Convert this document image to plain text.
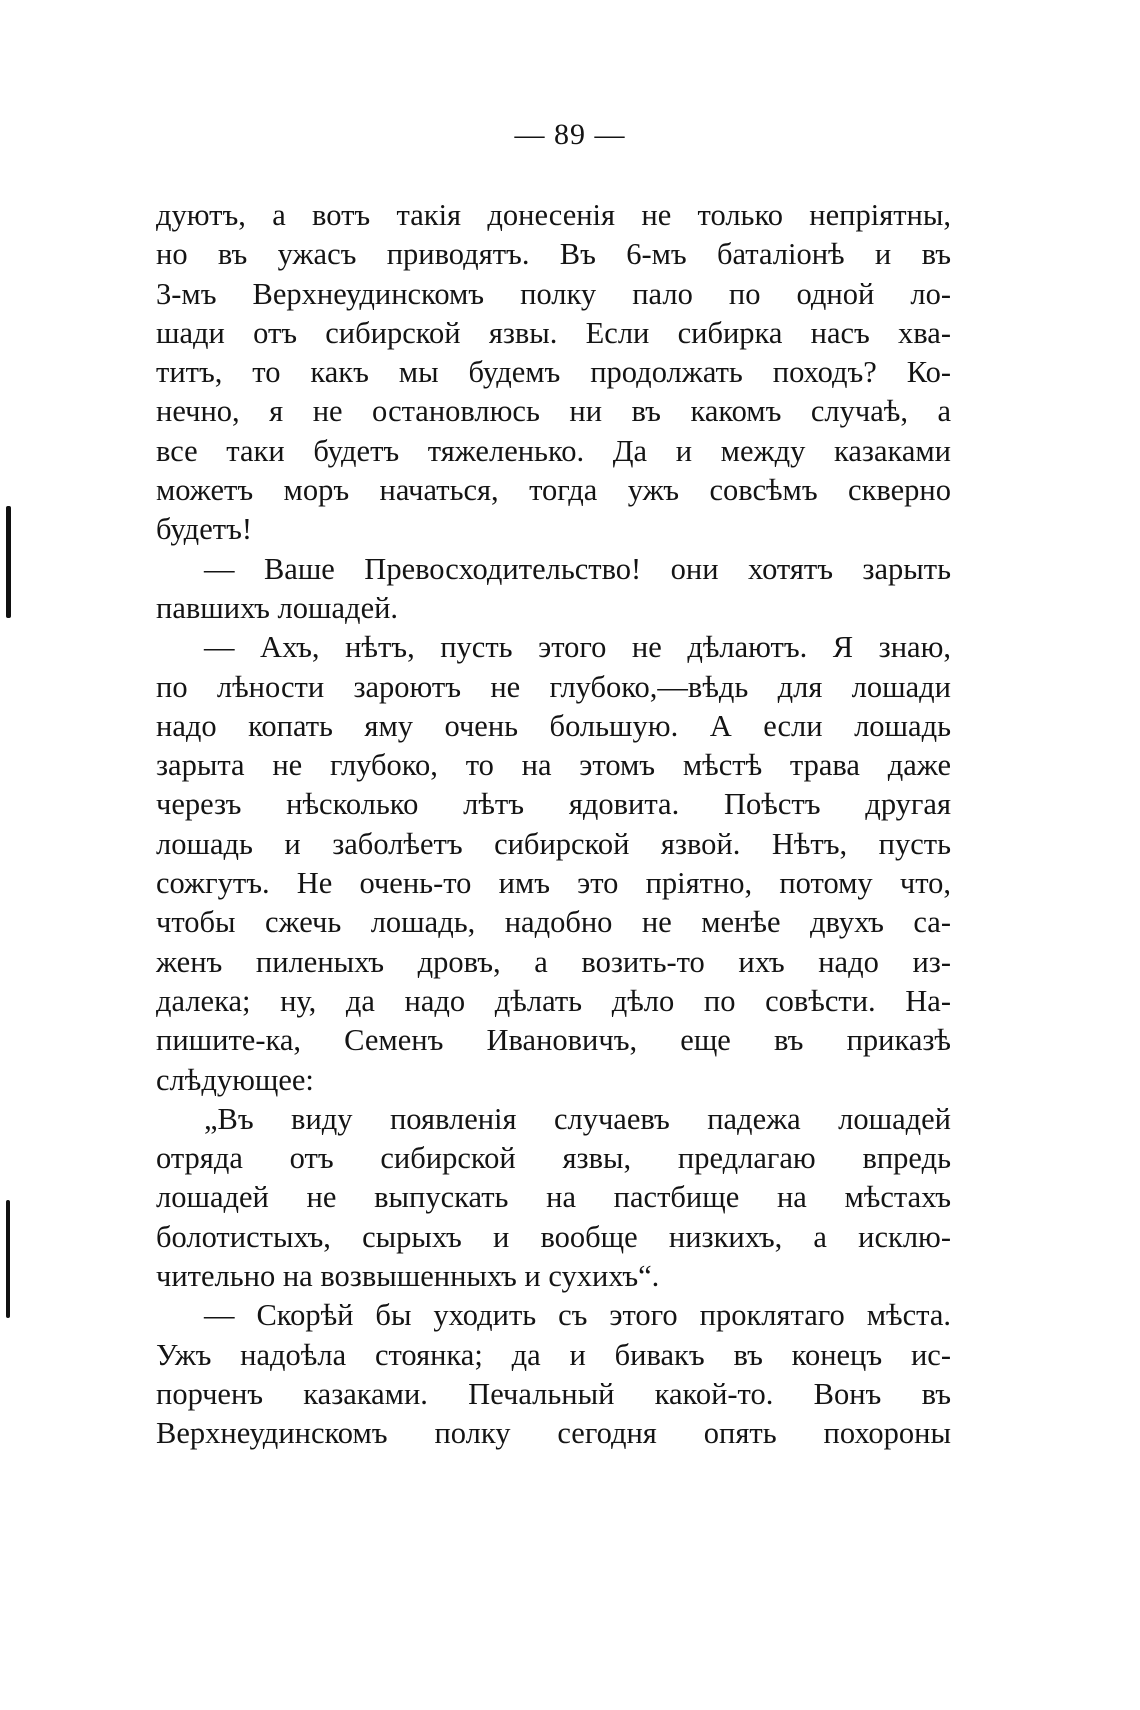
— 89 —
дуютъ, а вотъ такія донесенія не только непріятны,
но въ ужасъ приводятъ. Въ 6-мъ баталіонѣ и въ
3-мъ Верхнеудинскомъ полку пало по одной ло-
шади отъ сибирской язвы. Если сибирка насъ хва-
титъ, то какъ мы будемъ продолжать походъ? Ко-
нечно, я не остановлюсь ни въ какомъ случаѣ, а
все таки будетъ тяжеленько. Да и между казаками
можетъ моръ начаться, тогда ужъ совсѣмъ скверно
будетъ!
— Ваше Превосходительство! они хотятъ зарыть
павшихъ лошадей.
— Ахъ, нѣтъ, пусть этого не дѣлаютъ. Я знаю,
по лѣности зароютъ не глубоко,—вѣдь для лошади
надо копать яму очень большую. А если лошадь
зарыта не глубоко, то на этомъ мѣстѣ трава даже
черезъ нѣсколько лѣтъ ядовита. Поѣстъ другая
лошадь и заболѣетъ сибирской язвой. Нѣтъ, пусть
сожгутъ. Не очень-то имъ это пріятно, потому что,
чтобы сжечь лошадь, надобно не менѣе двухъ са-
женъ пиленыхъ дровъ, а возить-то ихъ надо из-
далека; ну, да надо дѣлать дѣло по совѣсти. На-
пишите-ка, Семенъ Ивановичъ, еще въ приказѣ
слѣдующее:
„Въ виду появленія случаевъ падежа лошадей
отряда отъ сибирской язвы, предлагаю впредь
лошадей не выпускать на пастбище на мѣстахъ
болотистыхъ, сырыхъ и вообще низкихъ, а исклю-
чительно на возвышенныхъ и сухихъ“.
— Скорѣй бы уходить съ этого проклятаго мѣста.
Ужъ надоѣла стоянка; да и бивакъ въ конецъ ис-
порченъ казаками. Печальный какой-то. Вонъ въ
Верхнеудинскомъ полку сегодня опять похороны
